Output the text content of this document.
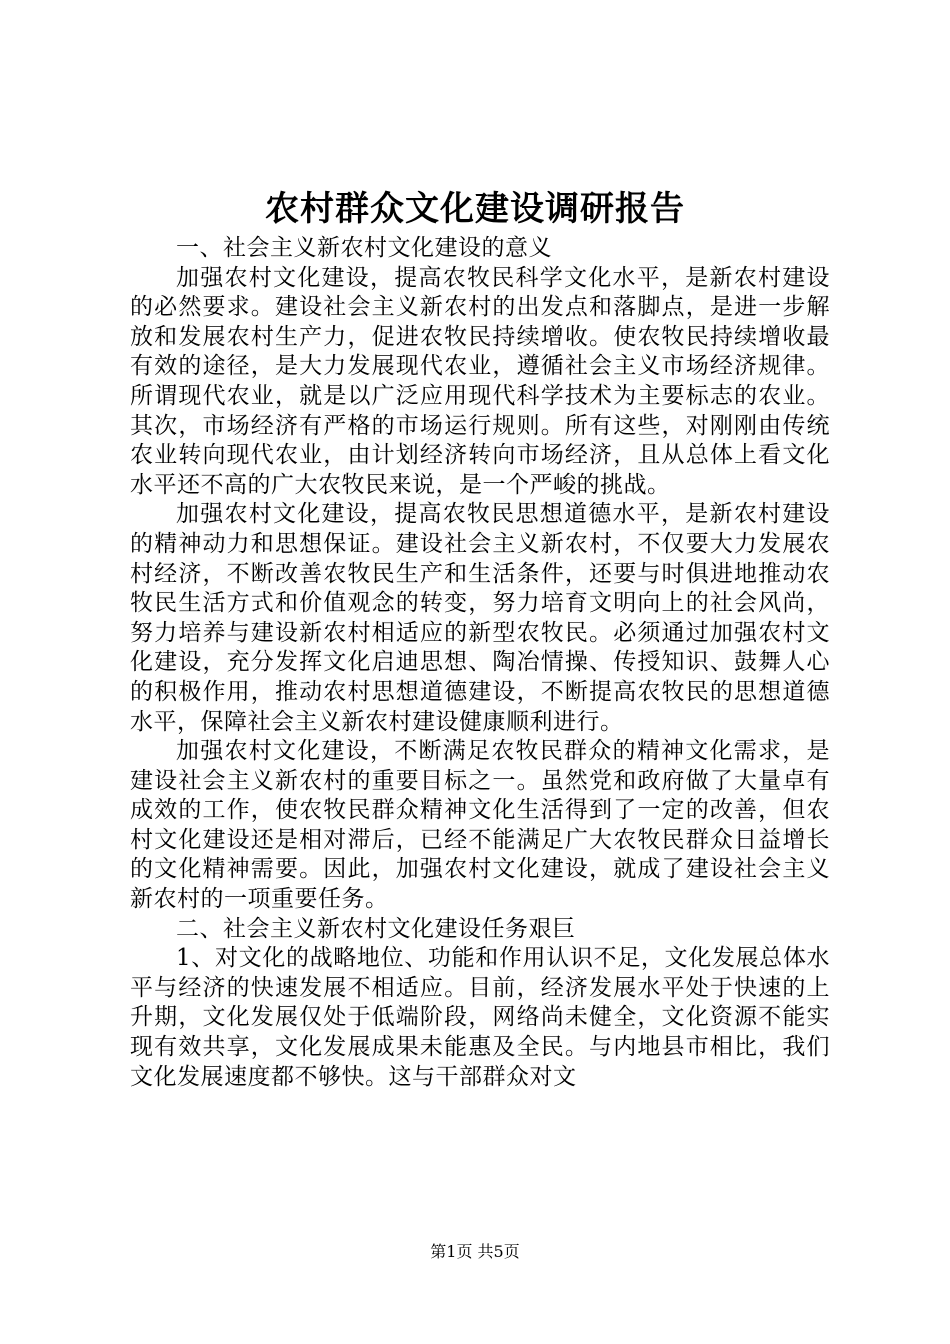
农村群众文化建设调研报告

一、社会主义新农村文化建设的意义

加强农村文化建设，提高农牧民科学文化水平，是新农村建设的必然要求。建设社会主义新农村的出发点和落脚点，是进一步解放和发展农村生产力，促进农牧民持续增收。使农牧民持续增收最有效的途径，是大力发展现代农业，遵循社会主义市场经济规律。所谓现代农业，就是以广泛应用现代科学技术为主要标志的农业。其次，市场经济有严格的市场运行规则。所有这些，对刚刚由传统农业转向现代农业，由计划经济转向市场经济，且从总体上看文化水平还不高的广大农牧民来说，是一个严峻的挑战。

加强农村文化建设，提高农牧民思想道德水平，是新农村建设的精神动力和思想保证。建设社会主义新农村，不仅要大力发展农村经济，不断改善农牧民生产和生活条件，还要与时俱进地推动农牧民生活方式和价值观念的转变，努力培育文明向上的社会风尚，努力培养与建设新农村相适应的新型农牧民。必须通过加强农村文化建设，充分发挥文化启迪思想、陶冶情操、传授知识、鼓舞人心的积极作用，推动农村思想道德建设，不断提高农牧民的思想道德水平，保障社会主义新农村建设健康顺利进行。

加强农村文化建设，不断满足农牧民群众的精神文化需求，是建设社会主义新农村的重要目标之一。虽然党和政府做了大量卓有成效的工作，使农牧民群众精神文化生活得到了一定的改善，但农村文化建设还是相对滞后，已经不能满足广大农牧民群众日益增长的文化精神需要。因此，加强农村文化建设，就成了建设社会主义新农村的一项重要任务。

二、社会主义新农村文化建设任务艰巨

1、对文化的战略地位、功能和作用认识不足，文化发展总体水平与经济的快速发展不相适应。目前，经济发展水平处于快速的上升期，文化发展仅处于低端阶段，网络尚未健全，文化资源不能实现有效共享，文化发展成果未能惠及全民。与内地县市相比，我们文化发展速度都不够快。这与干部群众对文

第1页 共5页
